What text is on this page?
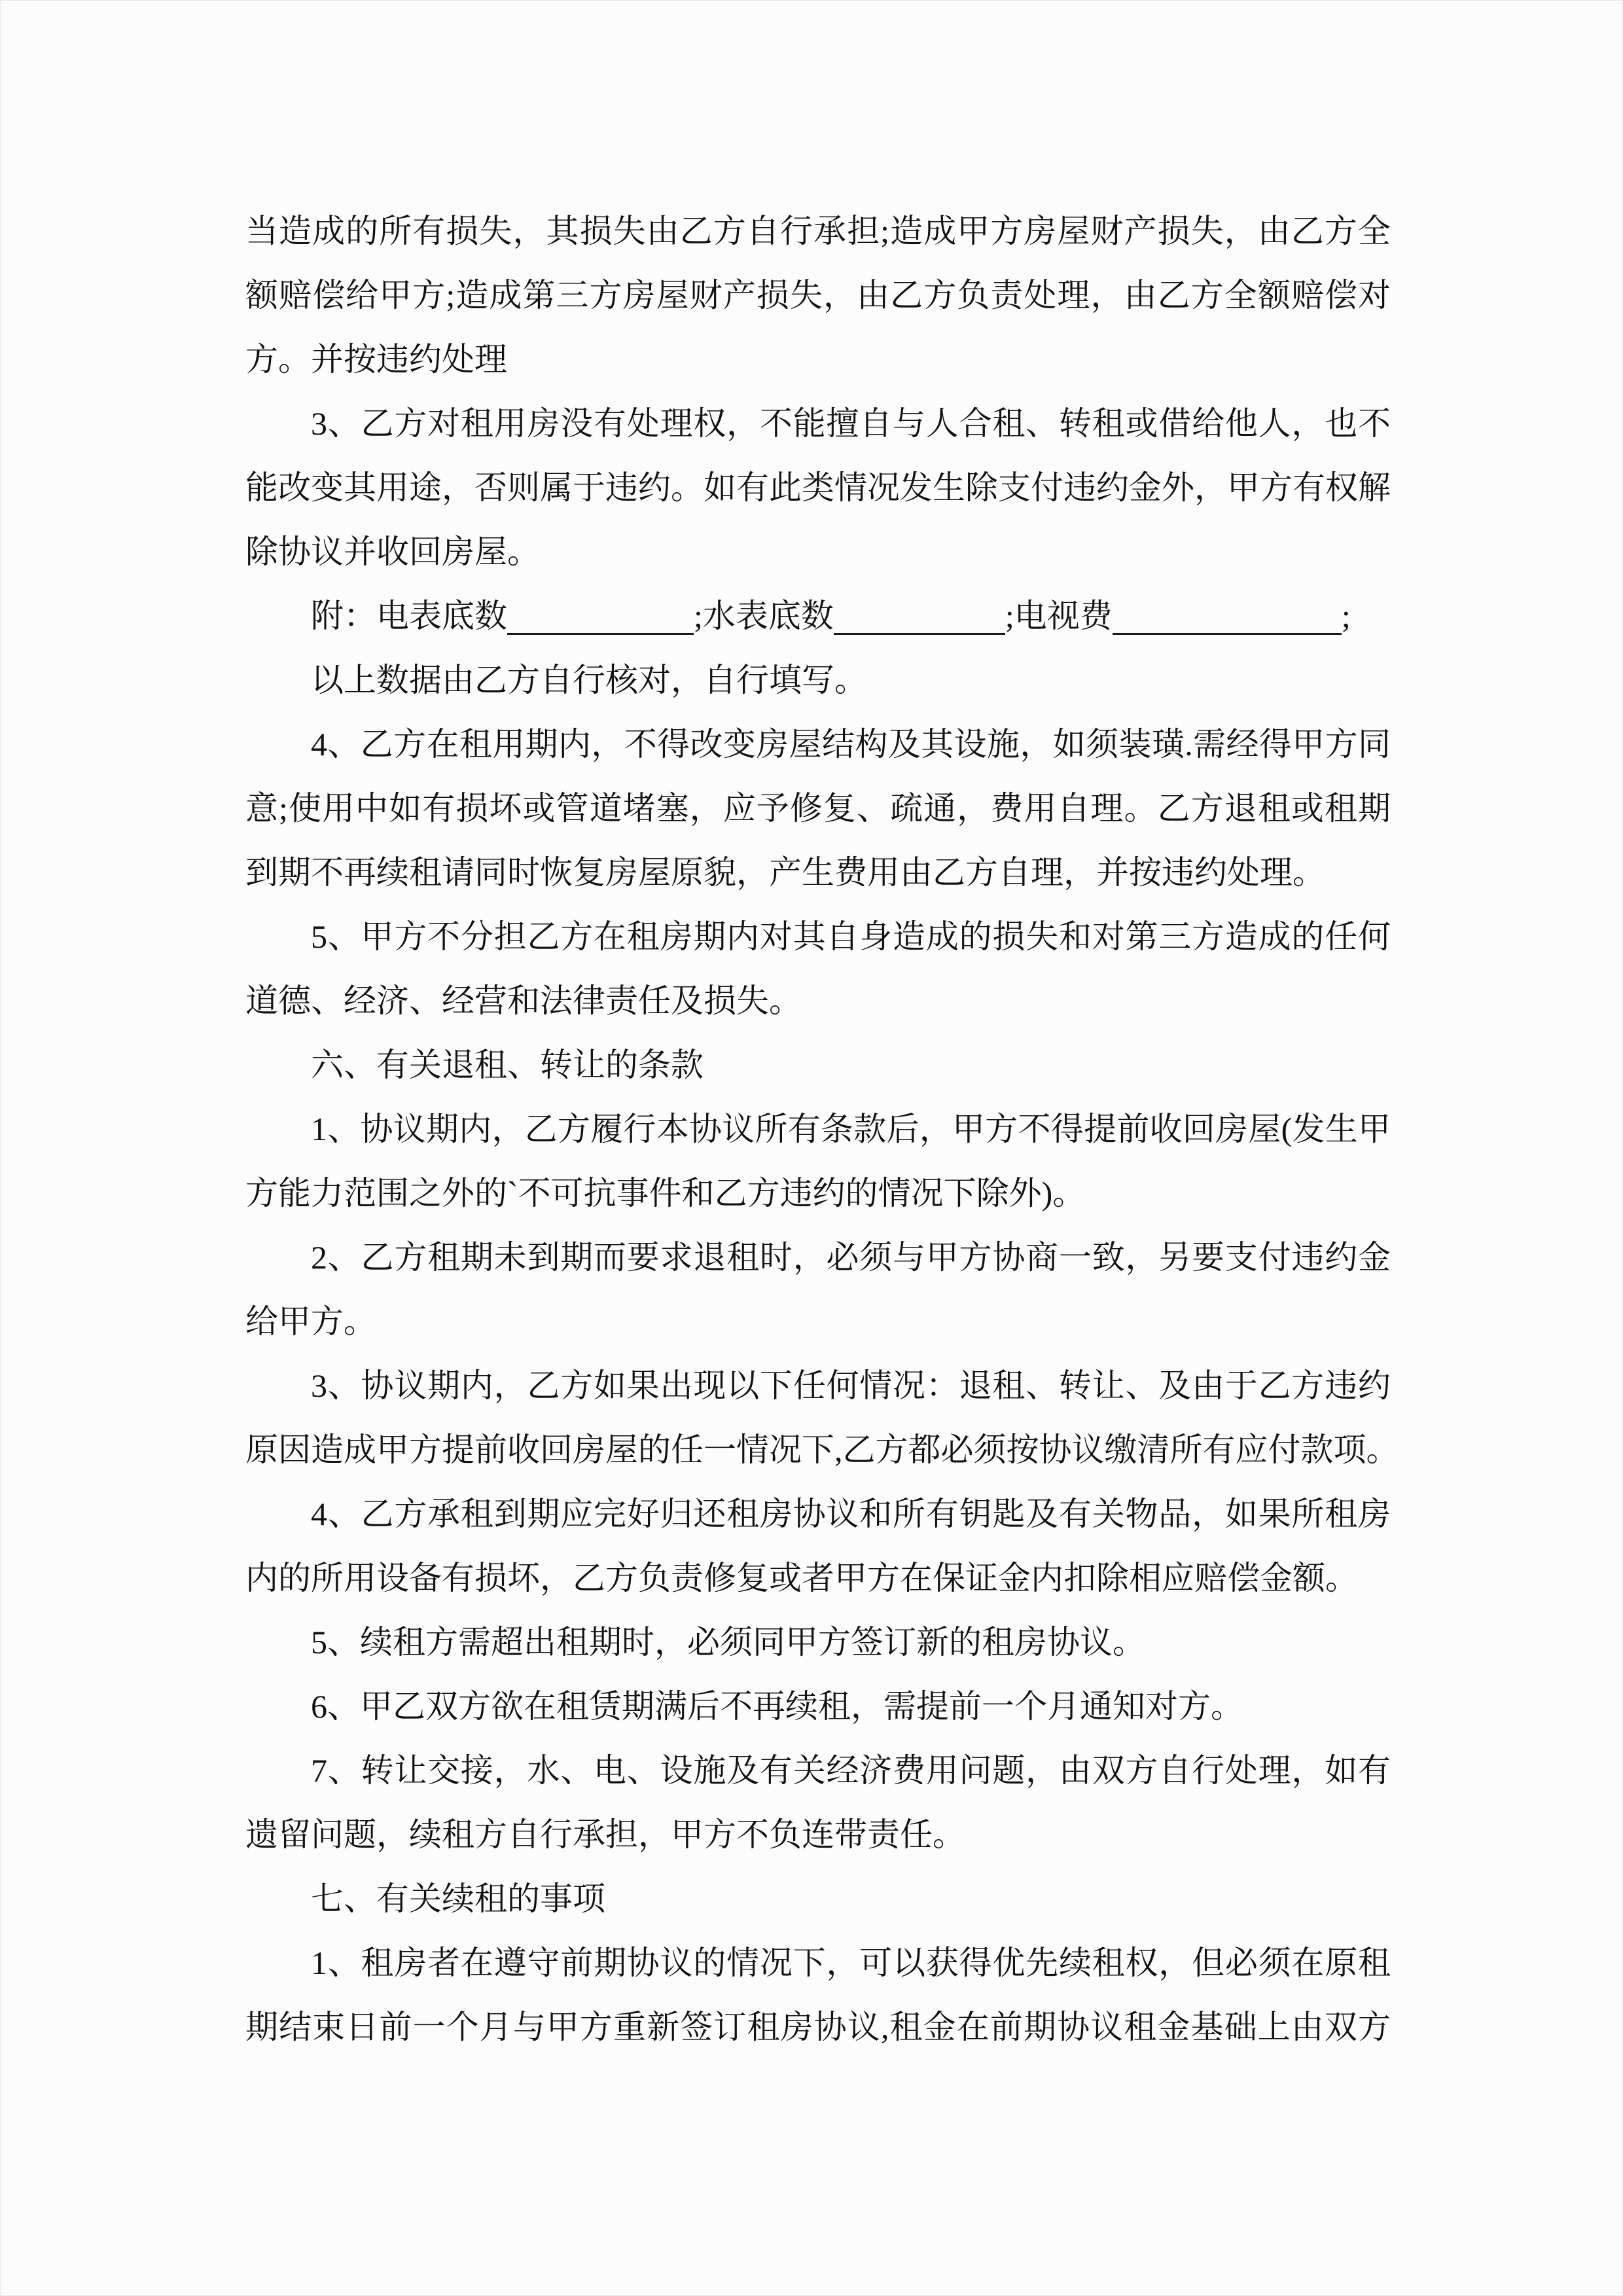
当造成的所有损失，其损失由乙方自行承担;造成甲方房屋财产损失，由乙方全
额赔偿给甲方;造成第三方房屋财产损失，由乙方负责处理，由乙方全额赔偿对
方。并按违约处理
3、乙方对租用房没有处理权，不能擅自与人合租、转租或借给他人，也不
能改变其用途，否则属于违约。如有此类情况发生除支付违约金外，甲方有权解
除协议并收回房屋。
附：电表底数	;水表底数	;电视费	;
以上数据由乙方自行核对，自行填写。
4、乙方在租用期内，不得改变房屋结构及其设施，如须装璜.需经得甲方同
意;使用中如有损坏或管道堵塞，应予修复、疏通，费用自理。乙方退租或租期
到期不再续租请同时恢复房屋原貌，产生费用由乙方自理，并按违约处理。
5、甲方不分担乙方在租房期内对其自身造成的损失和对第三方造成的任何
道德、经济、经营和法律责任及损失。
六、有关退租、转让的条款
1、协议期内，乙方履行本协议所有条款后，甲方不得提前收回房屋(发生甲
方能力范围之外的`不可抗事件和乙方违约的情况下除外)。
2、乙方租期未到期而要求退租时，必须与甲方协商一致，另要支付违约金
给甲方。
3、协议期内，乙方如果出现以下任何情况：退租、转让、及由于乙方违约
原因造成甲方提前收回房屋的任一情况下,乙方都必须按协议缴清所有应付款项。
4、乙方承租到期应完好归还租房协议和所有钥匙及有关物品，如果所租房
内的所用设备有损坏，乙方负责修复或者甲方在保证金内扣除相应赔偿金额。
5、续租方需超出租期时，必须同甲方签订新的租房协议。
6、甲乙双方欲在租赁期满后不再续租，需提前一个月通知对方。
7、转让交接，水、电、设施及有关经济费用问题，由双方自行处理，如有
遗留问题，续租方自行承担，甲方不负连带责任。
七、有关续租的事项
1、租房者在遵守前期协议的情况下，可以获得优先续租权，但必须在原租
期结束日前一个月与甲方重新签订租房协议,租金在前期协议租金基础上由双方
